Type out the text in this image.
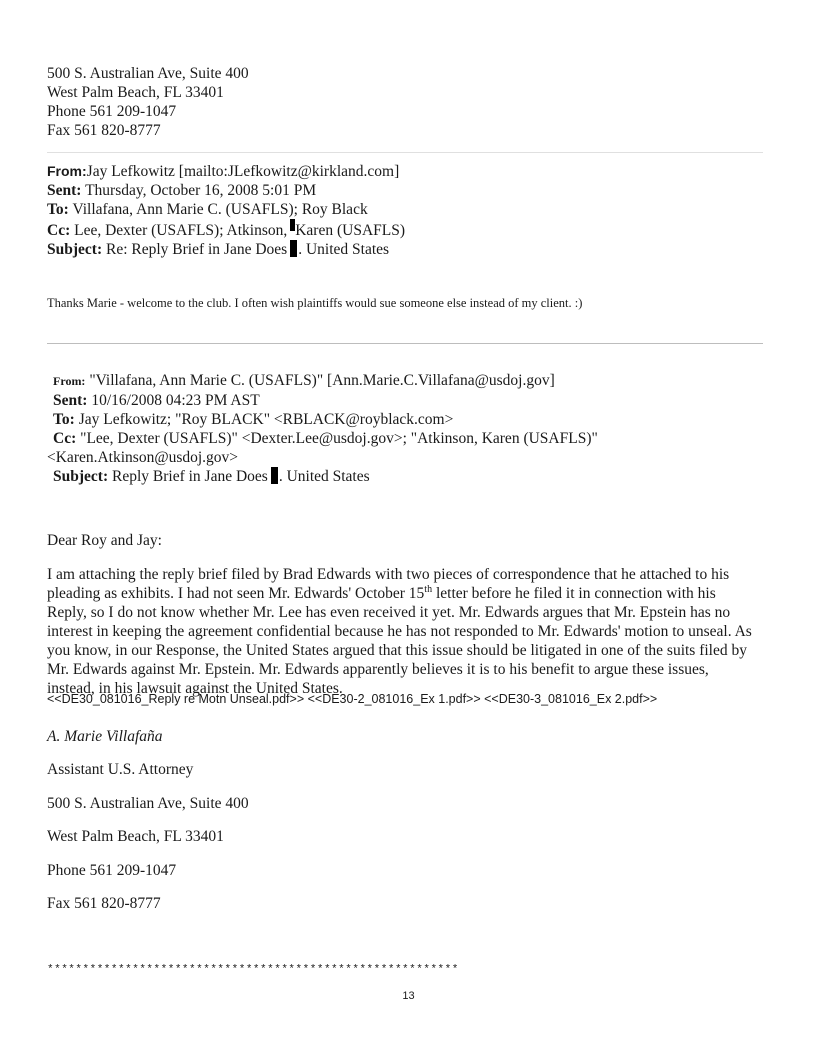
500 S. Australian Ave, Suite 400
West Palm Beach, FL 33401
Phone 561 209-1047
Fax 561 820-8777
From:Jay Lefkowitz [mailto:JLefkowitz@kirkland.com]
Sent: Thursday, October 16, 2008 5:01 PM
To: Villafana, Ann Marie C. (USAFLS); Roy Black
Cc: Lee, Dexter (USAFLS); Atkinson, Karen (USAFLS)
Subject: Re: Reply Brief in Jane Does . United States
Thanks Marie - welcome to the club. I often wish plaintiffs would sue someone else instead of my client. :)
From: "Villafana, Ann Marie C. (USAFLS)" [Ann.Marie.C.Villafana@usdoj.gov]
Sent: 10/16/2008 04:23 PM AST
To: Jay Lefkowitz; "Roy BLACK" <RBLACK@royblack.com>
Cc: "Lee, Dexter (USAFLS)" <Dexter.Lee@usdoj.gov>; "Atkinson, Karen (USAFLS)"
<Karen.Atkinson@usdoj.gov>
Subject: Reply Brief in Jane Does . United States
Dear Roy and Jay:
I am attaching the reply brief filed by Brad Edwards with two pieces of correspondence that he attached to his pleading as exhibits. I had not seen Mr. Edwards' October 15th letter before he filed it in connection with his Reply, so I do not know whether Mr. Lee has even received it yet. Mr. Edwards argues that Mr. Epstein has no interest in keeping the agreement confidential because he has not responded to Mr. Edwards' motion to unseal. As you know, in our Response, the United States argued that this issue should be litigated in one of the suits filed by Mr. Edwards against Mr. Epstein. Mr. Edwards apparently believes it is to his benefit to argue these issues, instead, in his lawsuit against the United States.
<<DE30_081016_Reply re Motn Unseal.pdf>> <<DE30-2_081016_Ex 1.pdf>> <<DE30-3_081016_Ex 2.pdf>>
A. Marie Villafaña
Assistant U.S. Attorney
500 S. Australian Ave, Suite 400
West Palm Beach, FL 33401
Phone 561 209-1047
Fax 561 820-8777
**********************************************************
13
